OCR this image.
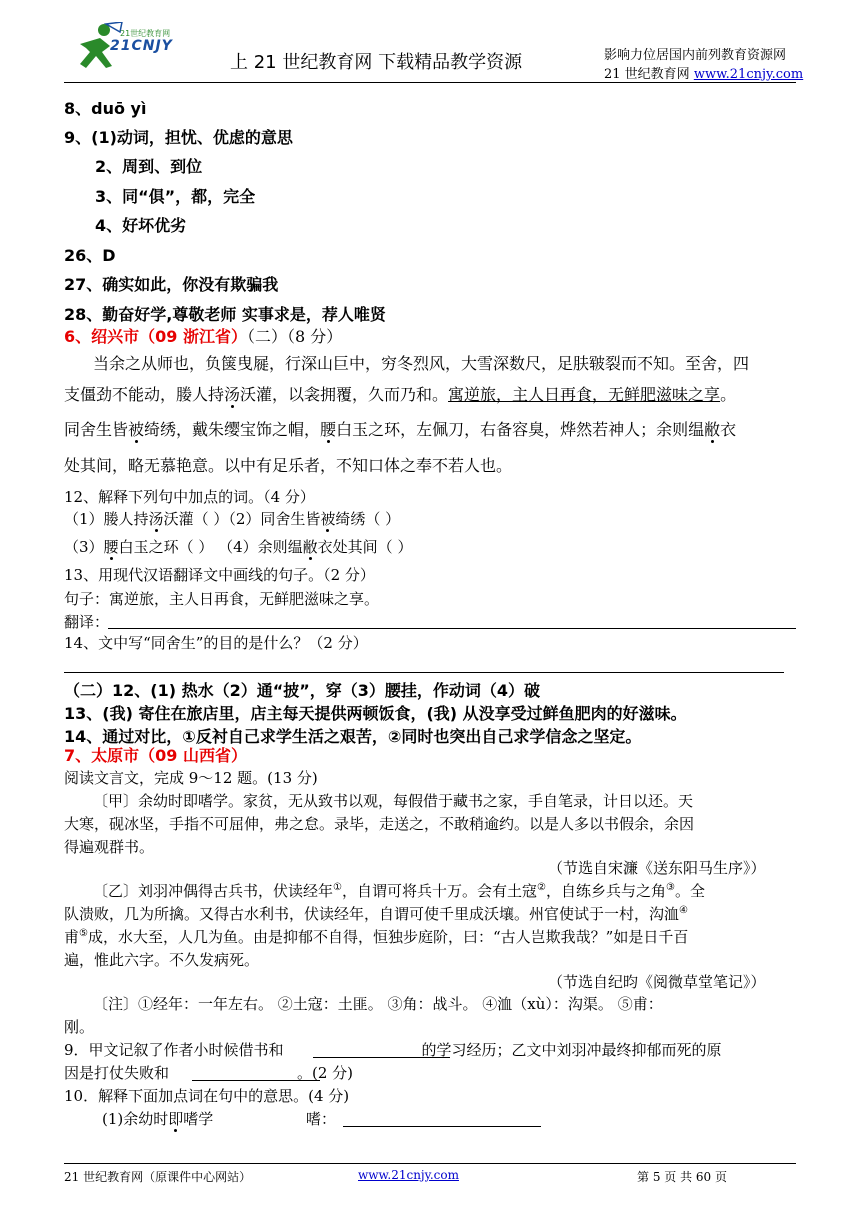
21世纪教育网
21CNJY
上 21 世纪教育网 下载精品教学资源	影响力位居国内前列教育资源网
21 世纪教育网 www.21cnjy.com
8、duō yì
9、(1)动词，担忧、优虑的意思
2、周到、到位
3、同“俱”，都，完全
4、好坏优劣
26、D
27、确实如此，你没有欺骗我
28、勤奋好学,尊敬老师 实事求是，荐人唯贤
6、绍兴市（09 浙江省）（二）（8 分）
当余之从师也，负箧曳屣，行深山巨中，穷冬烈风，大雪深数尺，足肤皲裂而不知。至舍，四
支僵劲不能动，媵人持汤沃灌，以衾拥覆，久而乃和。寓逆旅，主人日再食，无鲜肥滋味之享。
同舍生皆被绮绣，戴朱缨宝饰之帽，腰白玉之环，左佩刀，右备容臭，烨然若神人；余则缊敝衣
处其间，略无慕艳意。以中有足乐者，不知口体之奉不若人也。
12、解释下列句中加点的词。（4 分）
（1）媵人持汤沃灌（ ）（2）同舍生皆被绮绣（ ）
（3）腰白玉之环（ ） （4）余则缊敝衣处其间（ ）
13、用现代汉语翻译文中画线的句子。（2 分）
句子：寓逆旅，主人日再食，无鲜肥滋味之享。
翻译：
14、文中写“同舍生”的目的是什么？（2 分）
（二）12、(1) 热水（2）通“披”，穿（3）腰挂，作动词（4）破
13、(我) 寄住在旅店里，店主每天提供两顿饭食，(我) 从没享受过鲜鱼肥肉的好滋味。
14、通过对比，①反衬自己求学生活之艰苦，②同时也突出自己求学信念之坚定。
7、太原市（09 山西省）
阅读文言文，完成 9～12 题。(13 分)
〔甲〕余幼时即嗜学。家贫，无从致书以观，每假借于藏书之家，手自笔录，计日以还。天
大寒，砚冰坚，手指不可屈伸，弗之怠。录毕，走送之，不敢稍逾约。以是人多以书假余，余因
得遍观群书。
（节选自宋濂《送东阳马生序》）
〔乙〕刘羽冲偶得古兵书，伏读经年①，自谓可将兵十万。会有土寇②，自练乡兵与之角③。全
队溃败，几为所擒。又得古水利书，伏读经年，自谓可使千里成沃壤。州官使试于一村，沟洫④
甫⑤成，水大至，人几为鱼。由是抑郁不自得，恒独步庭阶，曰：“古人岂欺我哉？”如是日千百
遍，惟此六字。不久发病死。
（节选自纪昀《阅微草堂笔记》）
〔注〕①经年：一年左右。 ②土寇：土匪。 ③角：战斗。 ④洫（xù）：沟渠。 ⑤甫：
刚。
9．甲文记叙了作者小时候借书和	的学习经历；乙文中刘羽冲最终抑郁而死的原
因是打仗失败和	。(2 分)
10．解释下面加点词在句中的意思。(4 分)
(1)余幼时即嗜学	嗜：
21 世纪教育网（原课件中心网站）	www.21cnjy.com	第 5 页 共 60 页
